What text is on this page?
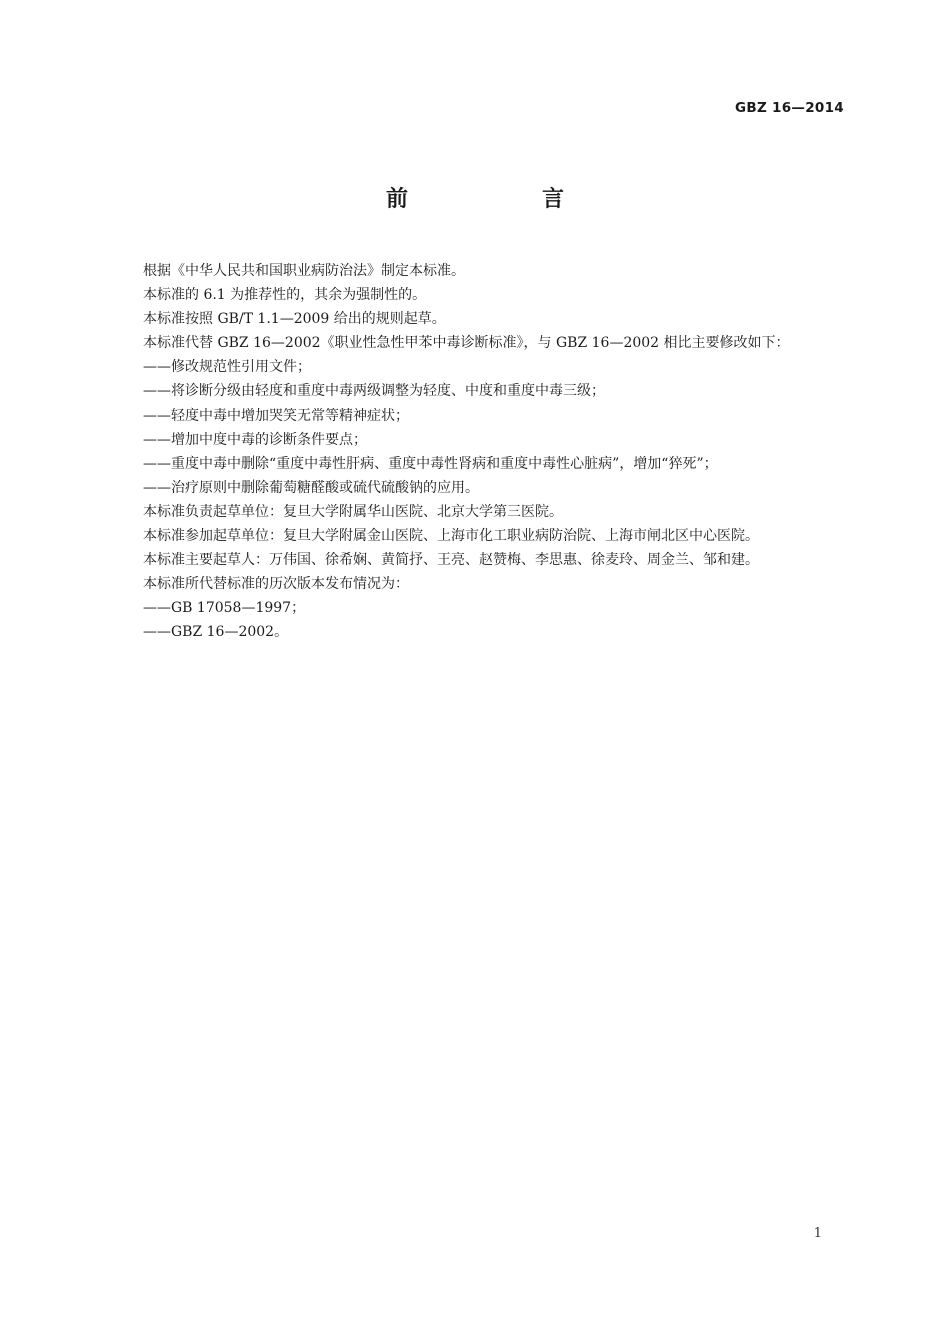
GBZ 16—2014
前　言

根据《中华人民共和国职业病防治法》制定本标准。

本标准的 6.1 为推荐性的，其余为强制性的。

本标准按照 GB/T 1.1—2009 给出的规则起草。

本标准代替 GBZ 16—2002《职业性急性甲苯中毒诊断标准》，与 GBZ 16—2002 相比主要修改如下：

——修改规范性引用文件；

——将诊断分级由轻度和重度中毒两级调整为轻度、中度和重度中毒三级；

——轻度中毒中增加哭笑无常等精神症状；

——增加中度中毒的诊断条件要点；

——重度中毒中删除“重度中毒性肝病、重度中毒性肾病和重度中毒性心脏病”，增加“猝死”；

——治疗原则中删除葡萄糖醛酸或硫代硫酸钠的应用。

本标准负责起草单位：复旦大学附属华山医院、北京大学第三医院。

本标准参加起草单位：复旦大学附属金山医院、上海市化工职业病防治院、上海市闸北区中心医院。

本标准主要起草人：万伟国、徐希娴、黄简抒、王亮、赵赞梅、李思惠、徐麦玲、周金兰、邹和建。

本标准所代替标准的历次版本发布情况为：

——GB 17058—1997；

——GBZ 16—2002。

1
